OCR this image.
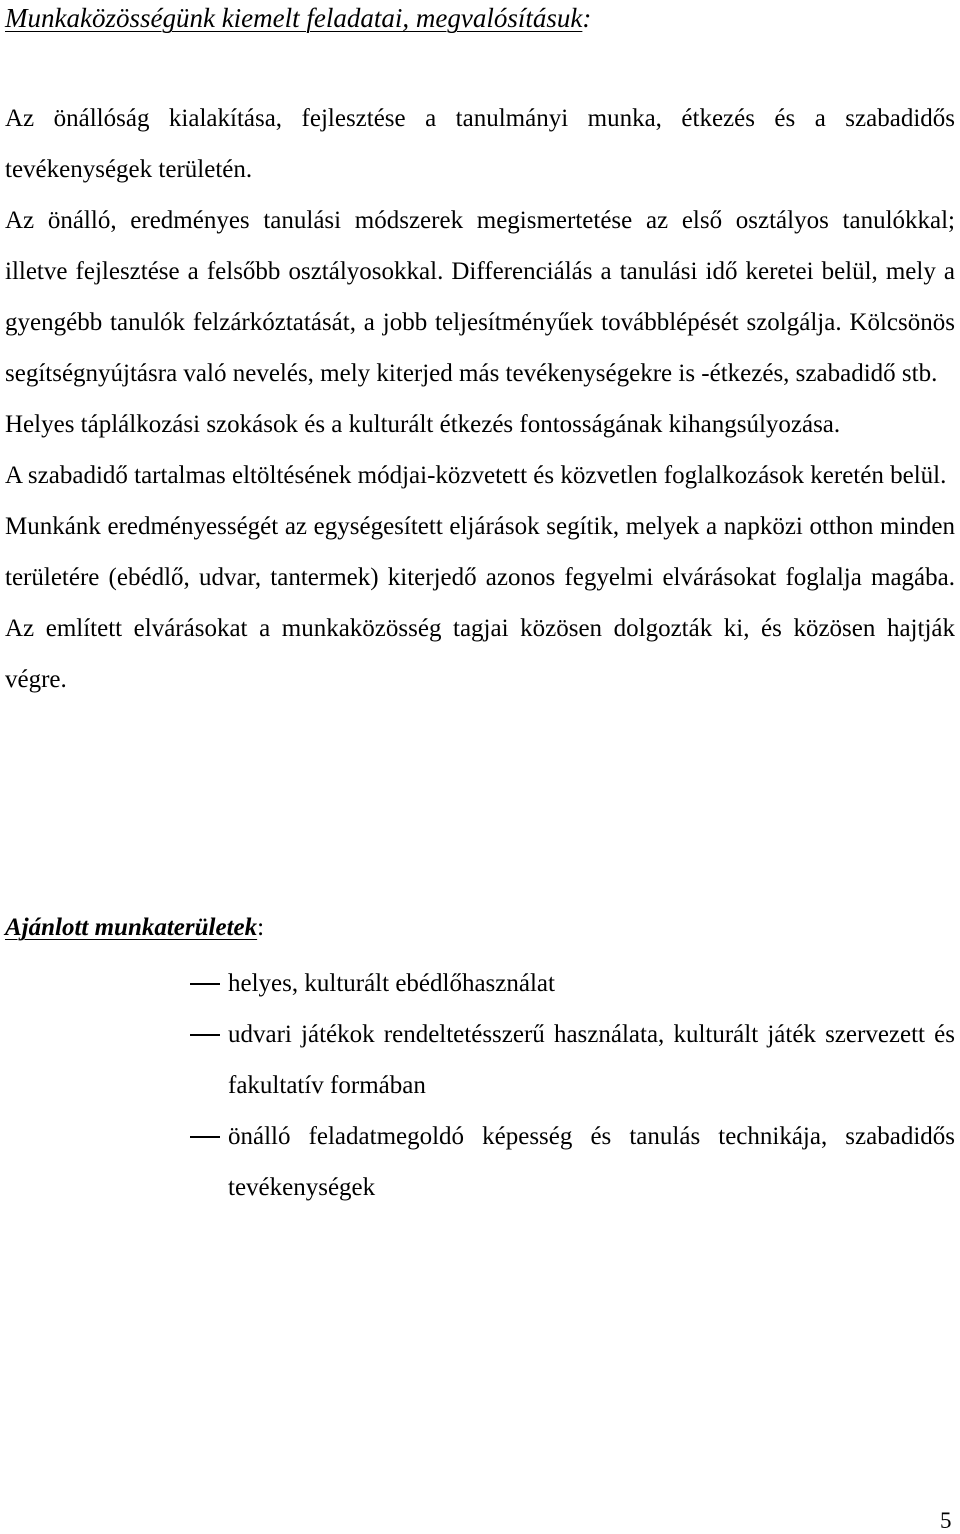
Munkaközösségünk kiemelt feladatai, megvalósításuk:

Az önállóság kialakítása, fejlesztése a tanulmányi munka, étkezés és a szabadidős tevékenységek területén.

Az önálló, eredményes tanulási módszerek megismertetése az első osztályos tanulókkal; illetve fejlesztése a felsőbb osztályosokkal. Differenciálás a tanulási idő keretei belül, mely a gyengébb tanulók felzárkóztatását, a jobb teljesítményűek továbblépését szolgálja. Kölcsönös segítségnyújtásra való nevelés, mely kiterjed más tevékenységekre is -étkezés, szabadidő stb.

Helyes táplálkozási szokások és a kulturált étkezés fontosságának kihangsúlyozása.

A szabadidő tartalmas eltöltésének módjai-közvetett és közvetlen foglalkozások keretén belül.

Munkánk eredményességét az egységesített eljárások segítik, melyek a napközi otthon minden területére (ebédlő, udvar, tantermek) kiterjedő azonos fegyelmi elvárásokat foglalja magába. Az említett elvárásokat a munkaközösség tagjai közösen dolgozták ki, és közösen hajtják végre.

Ajánlott munkaterületek:

helyes, kulturált ebédlőhasználat
udvari játékok rendeltetésszerű használata, kulturált játék szervezett és fakultatív formában
önálló feladatmegoldó képesség és tanulás technikája, szabadidős tevékenységek
5
